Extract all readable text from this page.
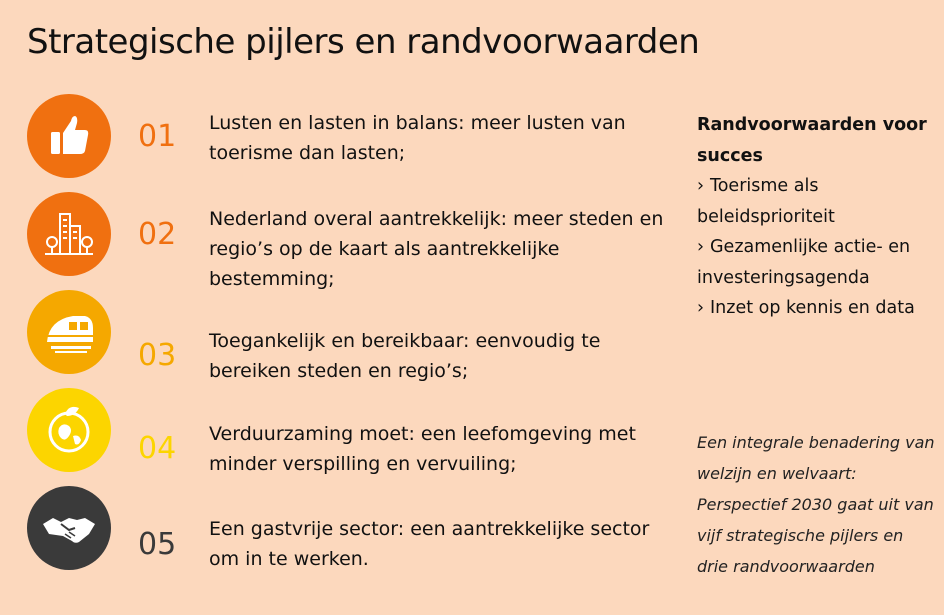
Strategische pijlers en randvoorwaarden
01 Lusten en lasten in balans: meer lusten van toerisme dan lasten;
02 Nederland overal aantrekkelijk: meer steden en regio’s op de kaart als aantrekkelijke bestemming;
03 Toegankelijk en bereikbaar: eenvoudig te bereiken steden en regio’s;
04 Verduurzaming moet: een leefomgeving met minder verspilling en vervuiling;
05 Een gastvrije sector: een aantrekkelijke sector om in te werken.
Randvoorwaarden voor succes
› Toerisme als beleidsprioriteit
› Gezamenlijke actie- en investeringsagenda
› Inzet op kennis en data
Een integrale benadering van welzijn en welvaart: Perspectief 2030 gaat uit van vijf strategische pijlers en drie randvoorwaarden
